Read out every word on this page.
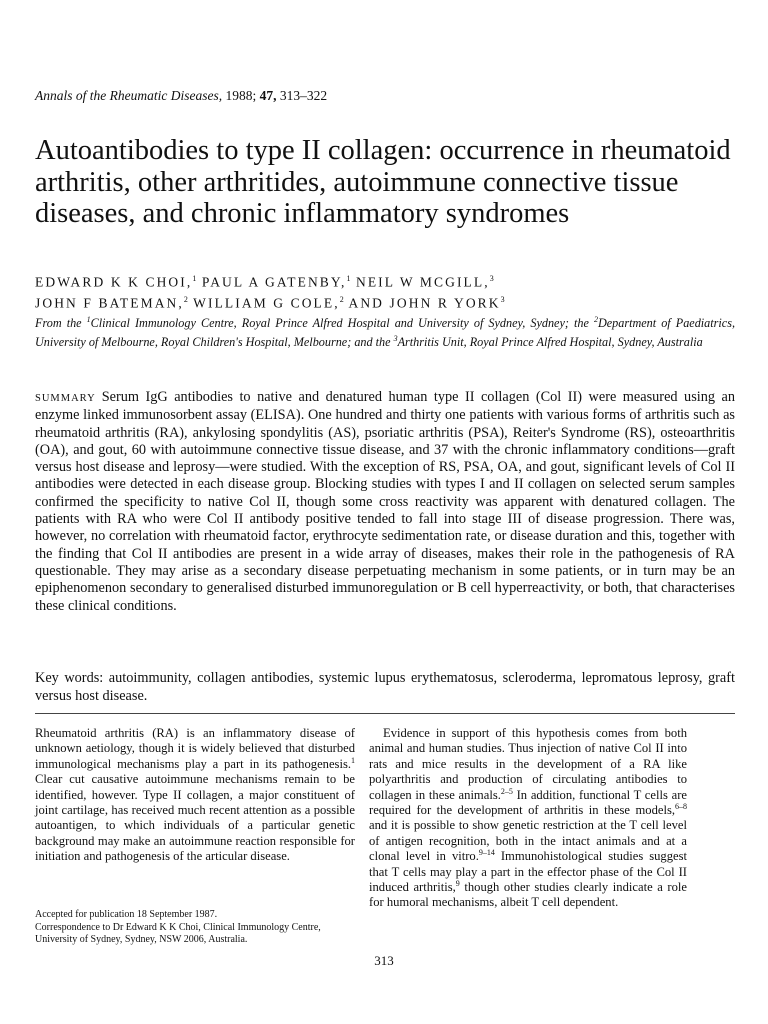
Annals of the Rheumatic Diseases, 1988; 47, 313–322
Autoantibodies to type II collagen: occurrence in rheumatoid arthritis, other arthritides, autoimmune connective tissue diseases, and chronic inflammatory syndromes
EDWARD K K CHOI,$^1$ PAUL A GATENBY,$^1$ NEIL W MCGILL,$^3$
JOHN F BATEMAN,$^2$ WILLIAM G COLE,$^2$ AND JOHN R YORK$^3$
From the $^1$Clinical Immunology Centre, Royal Prince Alfred Hospital and University of Sydney, Sydney; the $^2$Department of Paediatrics, University of Melbourne, Royal Children's Hospital, Melbourne; and the $^3$Arthritis Unit, Royal Prince Alfred Hospital, Sydney, Australia

SUMMARY Serum IgG antibodies to native and denatured human type II collagen (Col II) were measured using an enzyme linked immunosorbent assay (ELISA). One hundred and thirty one patients with various forms of arthritis such as rheumatoid arthritis (RA), ankylosing spondylitis (AS), psoriatic arthritis (PSA), Reiter's Syndrome (RS), osteoarthritis (OA), and gout, 60 with autoimmune connective tissue disease, and 37 with the chronic inflammatory conditions—graft versus host disease and leprosy—were studied. With the exception of RS, PSA, OA, and gout, significant levels of Col II antibodies were detected in each disease group. Blocking studies with types I and II collagen on selected serum samples confirmed the specificity to native Col II, though some cross reactivity was apparent with denatured collagen. The patients with RA who were Col II antibody positive tended to fall into stage III of disease progression. There was, however, no correlation with rheumatoid factor, erythrocyte sedimentation rate, or disease duration and this, together with the finding that Col II antibodies are present in a wide array of diseases, makes their role in the pathogenesis of RA questionable. They may arise as a secondary disease perpetuating mechanism in some patients, or in turn may be an epiphenomenon secondary to generalised disturbed immunoregulation or B cell hyperreactivity, or both, that characterises these clinical conditions.

Key words: autoimmunity, collagen antibodies, systemic lupus erythematosus, scleroderma, lepromatous leprosy, graft versus host disease.

Rheumatoid arthritis (RA) is an inflammatory disease of unknown aetiology, though it is widely believed that disturbed immunological mechanisms play a part in its pathogenesis.$^1$ Clear cut causative autoimmune mechanisms remain to be identified, however. Type II collagen, a major constituent of joint cartilage, has received much recent attention as a possible autoantigen, to which individuals of a particular genetic background may make an autoimmune reaction responsible for initiation and pathogenesis of the articular disease.

Accepted for publication 18 September 1987.
Correspondence to Dr Edward K K Choi, Clinical Immunology Centre, University of Sydney, Sydney, NSW 2006, Australia.

Evidence in support of this hypothesis comes from both animal and human studies. Thus injection of native Col II into rats and mice results in the development of a RA like polyarthritis and production of circulating antibodies to collagen in these animals.$^{2-5}$ In addition, functional T cells are required for the development of arthritis in these models,$^{6-8}$ and it is possible to show genetic restriction at the T cell level of antigen recognition, both in the intact animals and at a clonal level in vitro.$^{9-14}$ Immunohistological studies suggest that T cells may play a part in the effector phase of the Col II induced arthritis,$^9$ though other studies clearly indicate a role for humoral mechanisms, albeit T cell dependent.

313
